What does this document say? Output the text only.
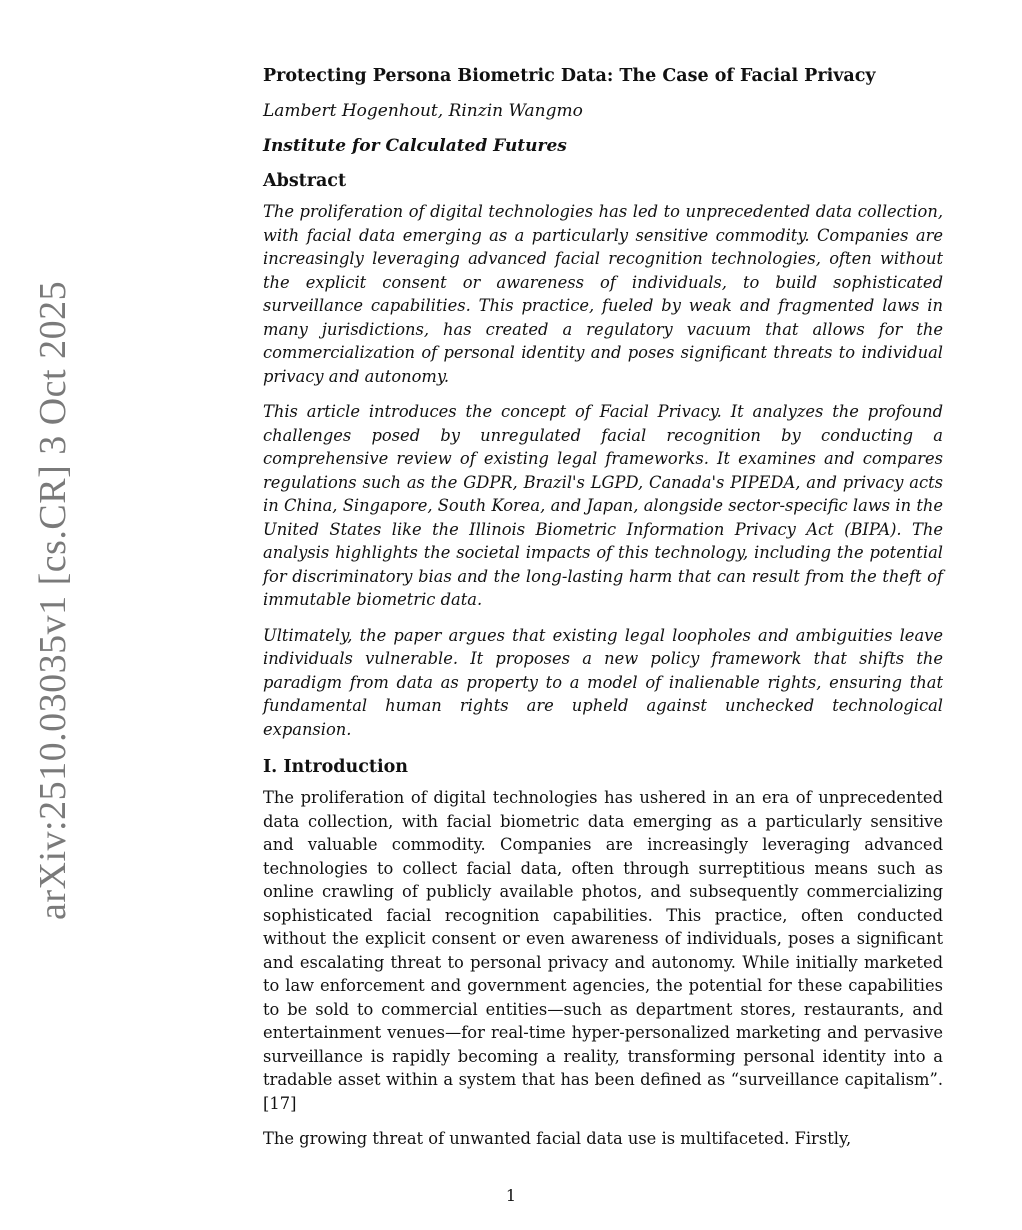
arXiv:2510.03035v1 [cs.CR] 3 Oct 2025
Protecting Persona Biometric Data: The Case of Facial Privacy
Lambert Hogenhout, Rinzin Wangmo
Institute for Calculated Futures
Abstract

The proliferation of digital technologies has led to unprecedented data collection, with facial data emerging as a particularly sensitive commodity. Companies are increasingly leveraging advanced facial recognition technologies, often without the explicit consent or awareness of individuals, to build sophisticated surveillance capabilities. This practice, fueled by weak and fragmented laws in many jurisdictions, has created a regulatory vacuum that allows for the commercialization of personal identity and poses significant threats to individual privacy and autonomy.

This article introduces the concept of Facial Privacy. It analyzes the profound challenges posed by unregulated facial recognition by conducting a comprehensive review of existing legal frameworks. It examines and compares regulations such as the GDPR, Brazil's LGPD, Canada's PIPEDA, and privacy acts in China, Singapore, South Korea, and Japan, alongside sector-specific laws in the United States like the Illinois Biometric Information Privacy Act (BIPA). The analysis highlights the societal impacts of this technology, including the potential for discriminatory bias and the long-lasting harm that can result from the theft of immutable biometric data.

Ultimately, the paper argues that existing legal loopholes and ambiguities leave individuals vulnerable. It proposes a new policy framework that shifts the paradigm from data as property to a model of inalienable rights, ensuring that fundamental human rights are upheld against unchecked technological expansion.

I. Introduction

The proliferation of digital technologies has ushered in an era of unprecedented data collection, with facial biometric data emerging as a particularly sensitive and valuable commodity. Companies are increasingly leveraging advanced technologies to collect facial data, often through surreptitious means such as online crawling of publicly available photos, and subsequently commercializing sophisticated facial recognition capabilities. This practice, often conducted without the explicit consent or even awareness of individuals, poses a significant and escalating threat to personal privacy and autonomy. While initially marketed to law enforcement and government agencies, the potential for these capabilities to be sold to commercial entities—such as department stores, restaurants, and entertainment venues—for real-time hyper-personalized marketing and pervasive surveillance is rapidly becoming a reality, transforming personal identity into a tradable asset within a system that has been defined as “surveillance capitalism”. [17]

The growing threat of unwanted facial data use is multifaceted. Firstly,

1
